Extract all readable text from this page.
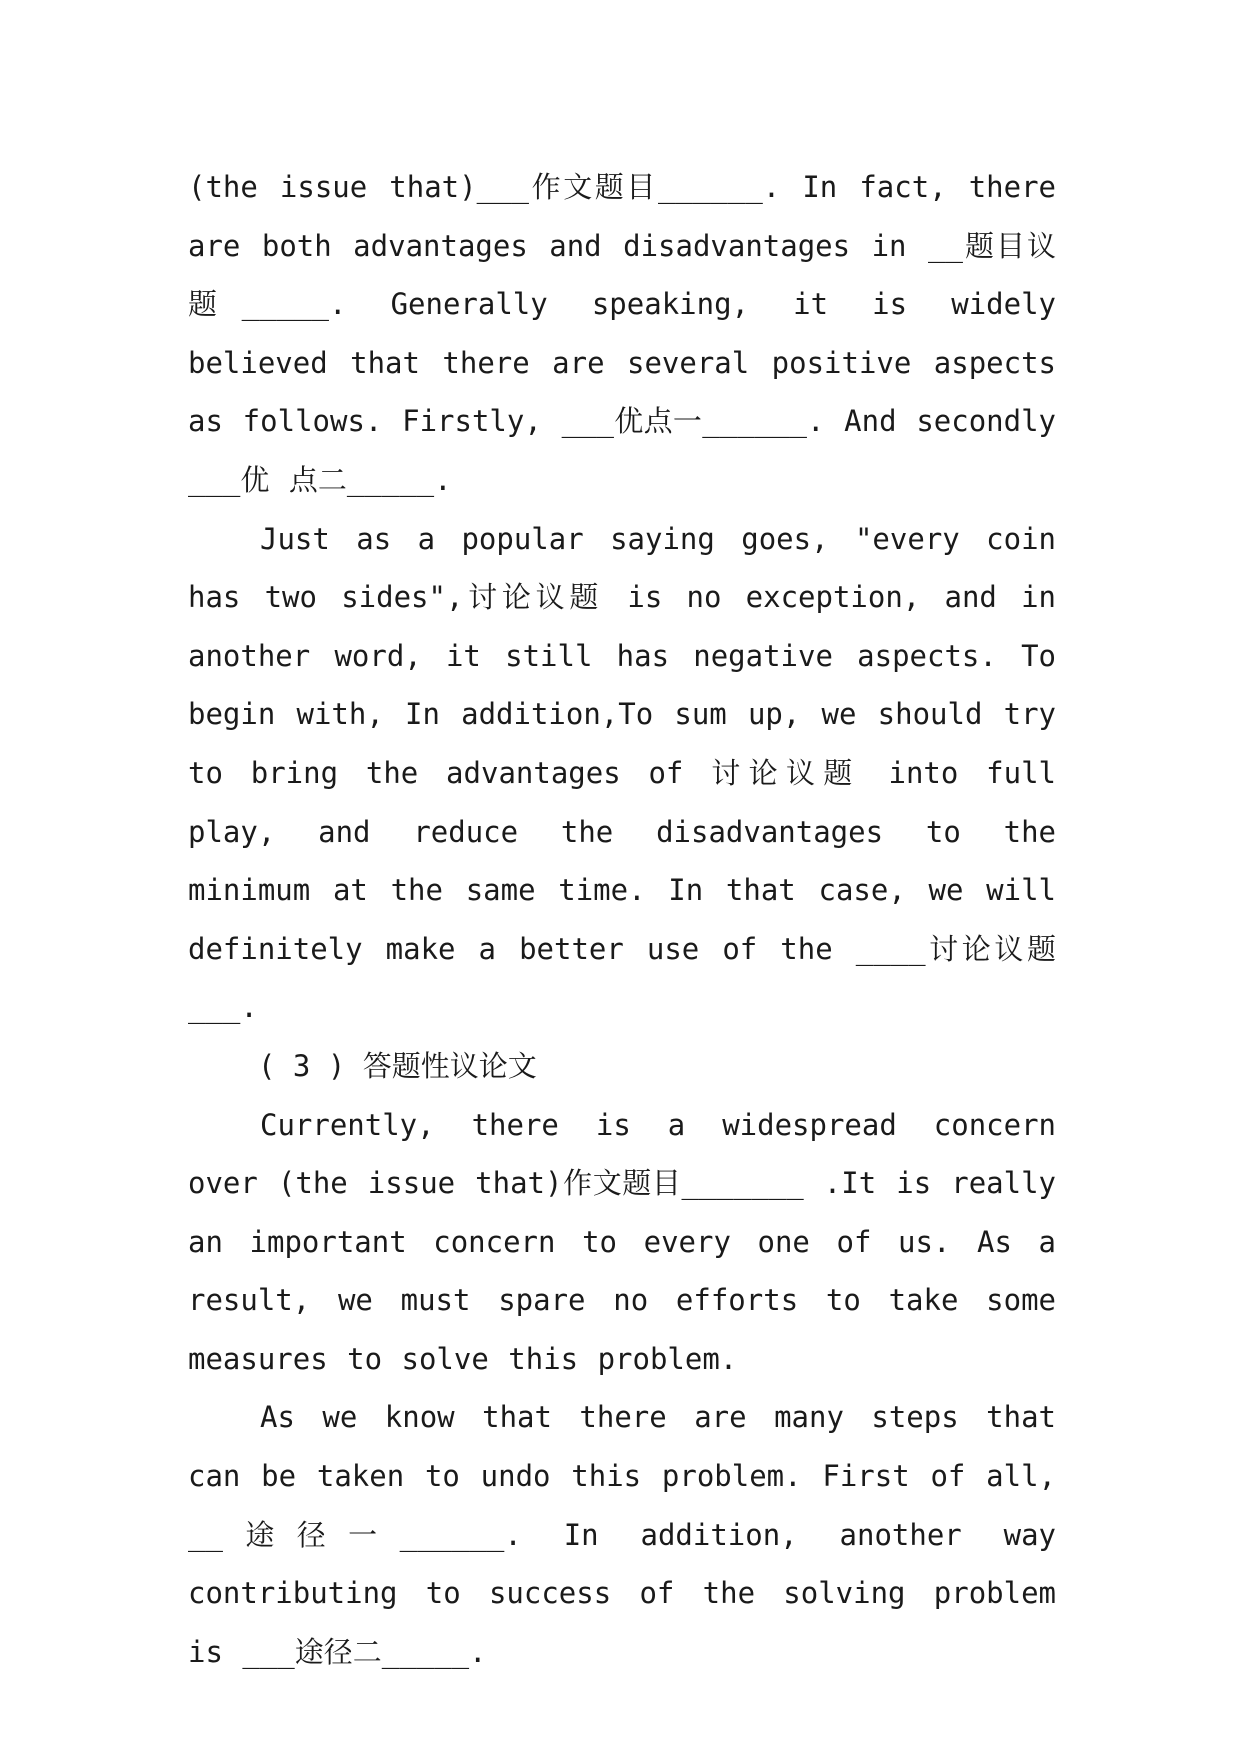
(the issue that)___作文题目______. In fact, there are both advantages and disadvantages in __题目议题_____. Generally speaking, it is widely believed that there are several positive aspects as follows. Firstly, ___优点一______. And secondly ___优 点二_____.

Just as a popular saying goes, "every coin has two sides",讨论议题 is no exception, and in another word, it still has negative aspects. To begin with, In addition,To sum up, we should try to bring the advantages of 讨论议题 into full play, and reduce the disadvantages to the minimum at the same time. In that case, we will definitely make a better use of the ____讨论议题___.

( 3 ) 答题性议论文

Currently, there is a widespread concern over (the issue that)作文题目_______ .It is really an important concern to every one of us. As a result, we must spare no efforts to take some measures to solve this problem.

As we know that there are many steps that can be taken to undo this problem. First of all, __途径一______. In addition, another way contributing to success of the solving problem is ___途径二_____.
